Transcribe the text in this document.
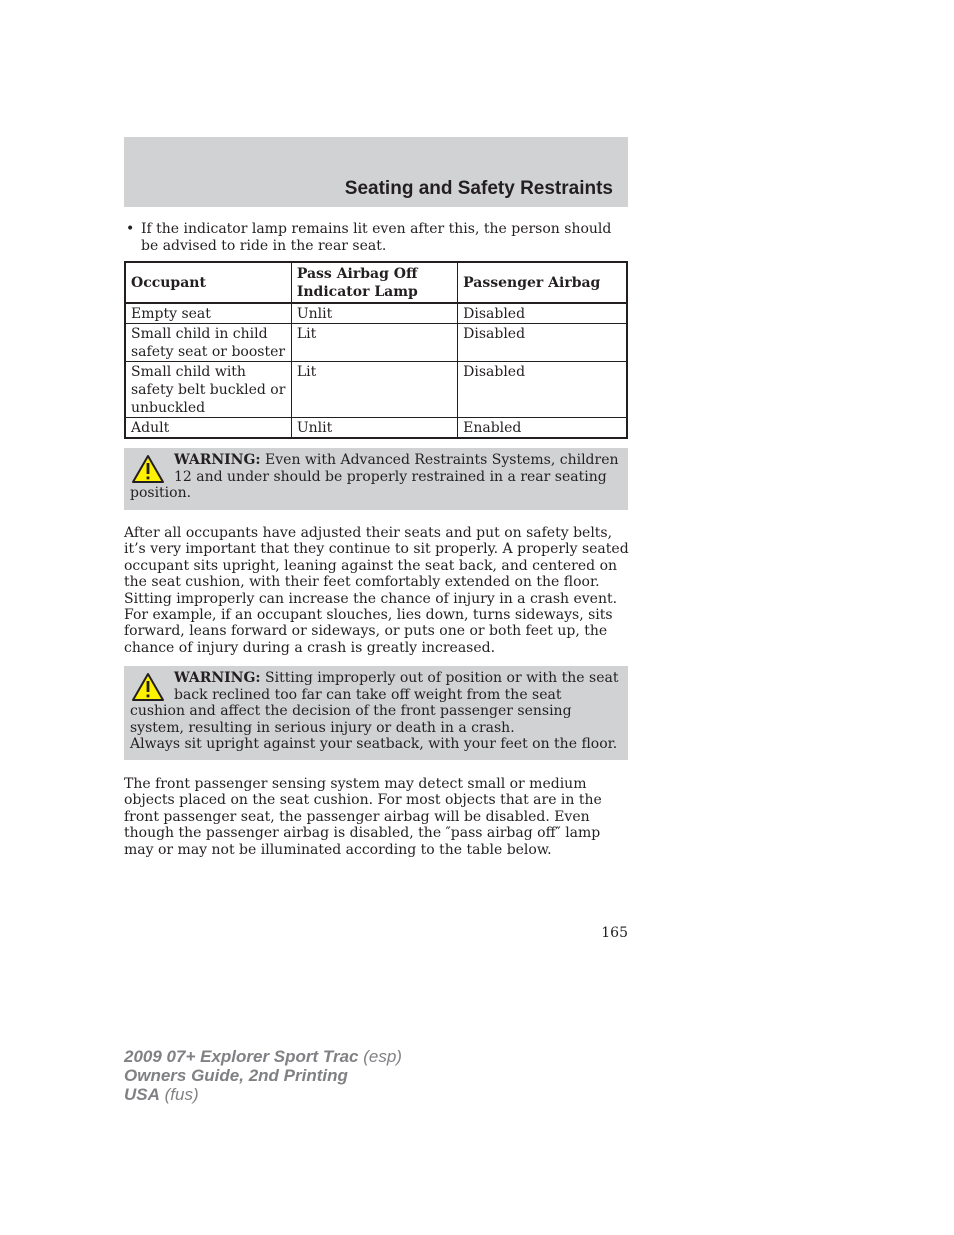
Seating and Safety Restraints
• If the indicator lamp remains lit even after this, the person should be advised to ride in the rear seat.
Occupant	Pass Airbag Off Indicator Lamp	Passenger Airbag
Empty seat	Unlit	Disabled
Small child in child safety seat or booster	Lit	Disabled
Small child with safety belt buckled or unbuckled	Lit	Disabled
Adult	Unlit	Enabled
WARNING: Even with Advanced Restraints Systems, children 12 and under should be properly restrained in a rear seating position.

After all occupants have adjusted their seats and put on safety belts, it’s very important that they continue to sit properly. A properly seated occupant sits upright, leaning against the seat back, and centered on the seat cushion, with their feet comfortably extended on the floor. Sitting improperly can increase the chance of injury in a crash event. For example, if an occupant slouches, lies down, turns sideways, sits forward, leans forward or sideways, or puts one or both feet up, the chance of injury during a crash is greatly increased.

WARNING: Sitting improperly out of position or with the seat back reclined too far can take off weight from the seat cushion and affect the decision of the front passenger sensing system, resulting in serious injury or death in a crash.
Always sit upright against your seatback, with your feet on the floor.

The front passenger sensing system may detect small or medium objects placed on the seat cushion. For most objects that are in the front passenger seat, the passenger airbag will be disabled. Even though the passenger airbag is disabled, the ″pass airbag off″ lamp may or may not be illuminated according to the table below.

165
2009 07+ Explorer Sport Trac (esp)
Owners Guide, 2nd Printing
USA (fus)
